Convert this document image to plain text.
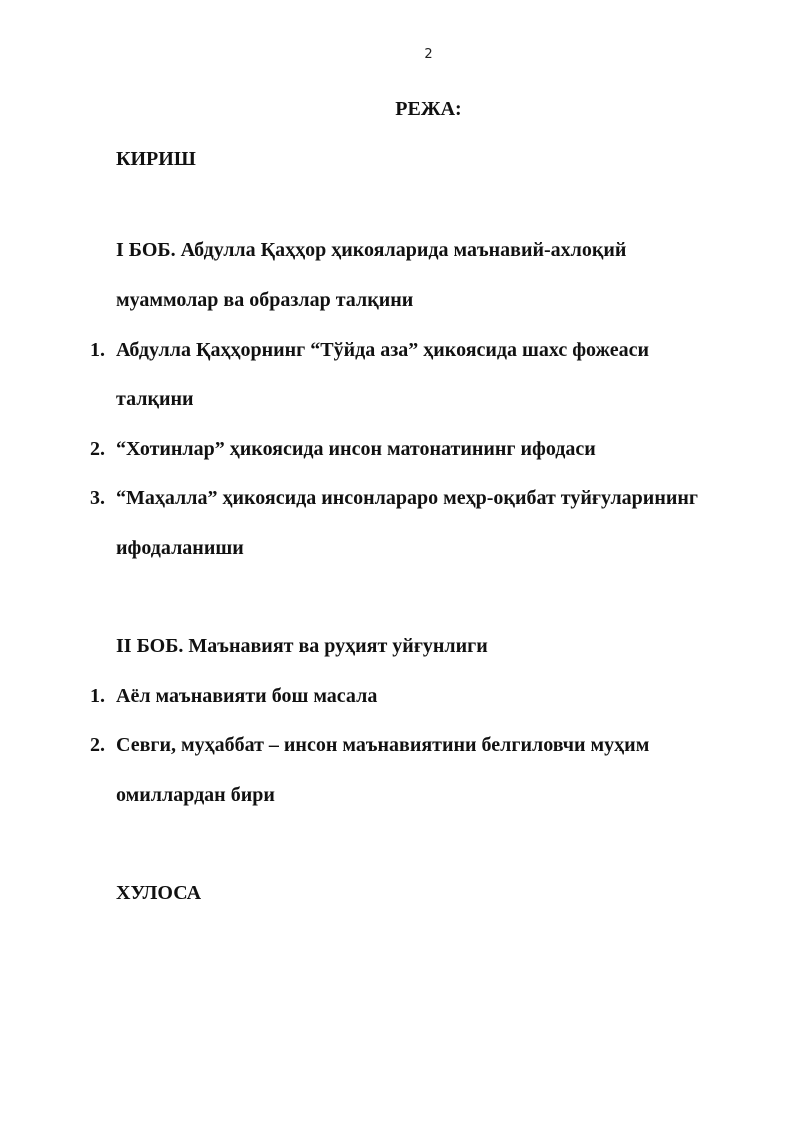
2
РЕЖА:
КИРИШ
I БОБ. Абдулла Қаҳҳор ҳикояларида маънавий-ахлоқий
муаммолар ва образлар талқини
1. Абдулла Қаҳҳорнинг “Тўйда аза” ҳикоясида шахс фожеаси
талқини
2. “Хотинлар” ҳикоясида инсон матонатининг ифодаси
3. “Маҳалла” ҳикоясида инсонлараро меҳр-оқибат туйғуларининг
ифодаланиши
II БОБ. Маънавият ва руҳият уйғунлиги
1. Аёл маънавияти бош масала
2. Севги, муҳаббат – инсон маънавиятини белгиловчи муҳим
омиллардан бири
ХУЛОСА
